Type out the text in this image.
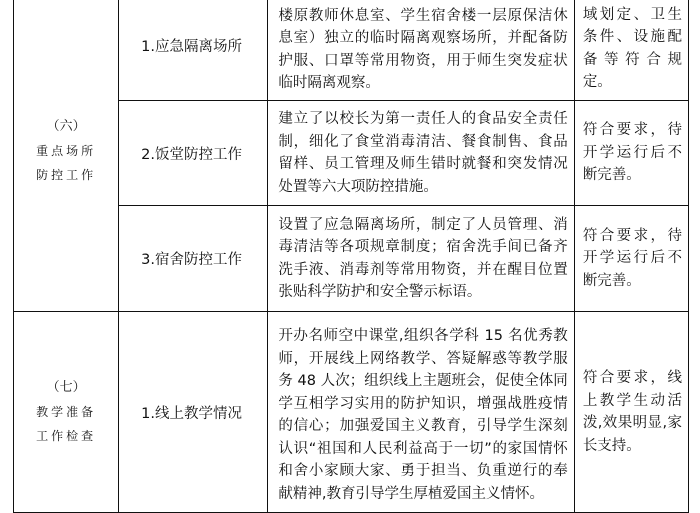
（六）
重点场所
防控工作	1.应急隔离场所	楼原教师休息室、学生宿舍楼一层原保洁休息室）独立的临时隔离观察场所，并配备防护服、口罩等常用物资，用于师生突发症状临时隔离观察。	域划定、卫生条件、设施配备等符合规定。

	2.饭堂防控工作	建立了以校长为第一责任人的食品安全责任制，细化了食堂消毒清洁、餐食制售、食品留样、员工管理及师生错时就餐和突发情况处置等六大项防控措施。	符合要求，待开学运行后不断完善。

	3.宿舍防控工作	设置了应急隔离场所，制定了人员管理、消毒清洁等各项规章制度；宿舍洗手间已备齐洗手液、消毒剂等常用物资，并在醒目位置张贴科学防护和安全警示标语。	符合要求，待开学运行后不断完善。

（七）
教学准备
工作检查	1.线上教学情况	开办名师空中课堂,组织各学科 15 名优秀教师，开展线上网络教学、答疑解惑等教学服务 48 人次；组织线上主题班会，促使全体同学互相学习实用的防护知识，增强战胜疫情的信心；加强爱国主义教育，引导学生深刻认识“祖国和人民利益高于一切”的家国情怀和舍小家顾大家、勇于担当、负重逆行的奉献精神,教育引导学生厚植爱国主义情怀。	符合要求，线上教学生动活泼,效果明显,家长支持。
